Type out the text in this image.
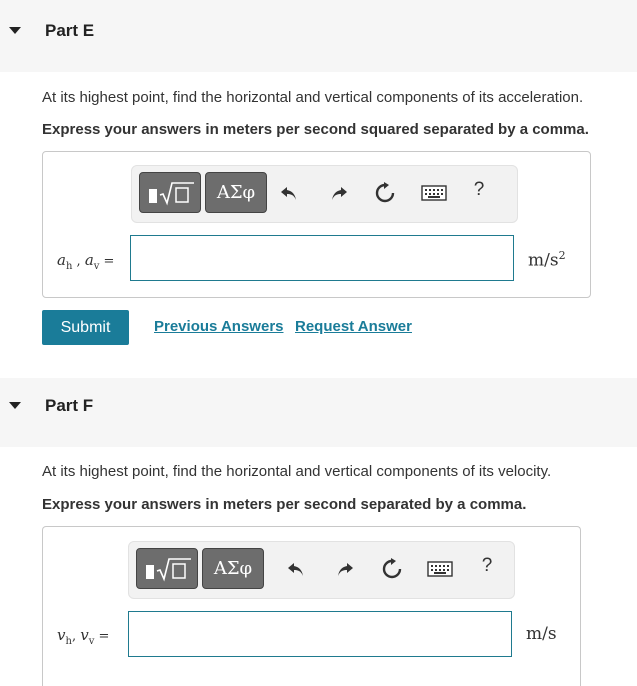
Part E
At its highest point, find the horizontal and vertical components of its acceleration.
Express your answers in meters per second squared separated by a comma.
ΑΣφ	?
$a_h$ , $a_v$ =	$m/s^2$
Submit	Previous Answers Request Answer
Part F
At its highest point, find the horizontal and vertical components of its velocity.
Express your answers in meters per second separated by a comma.
ΑΣφ	?
$v_h$, $v_v$ =	m/s
